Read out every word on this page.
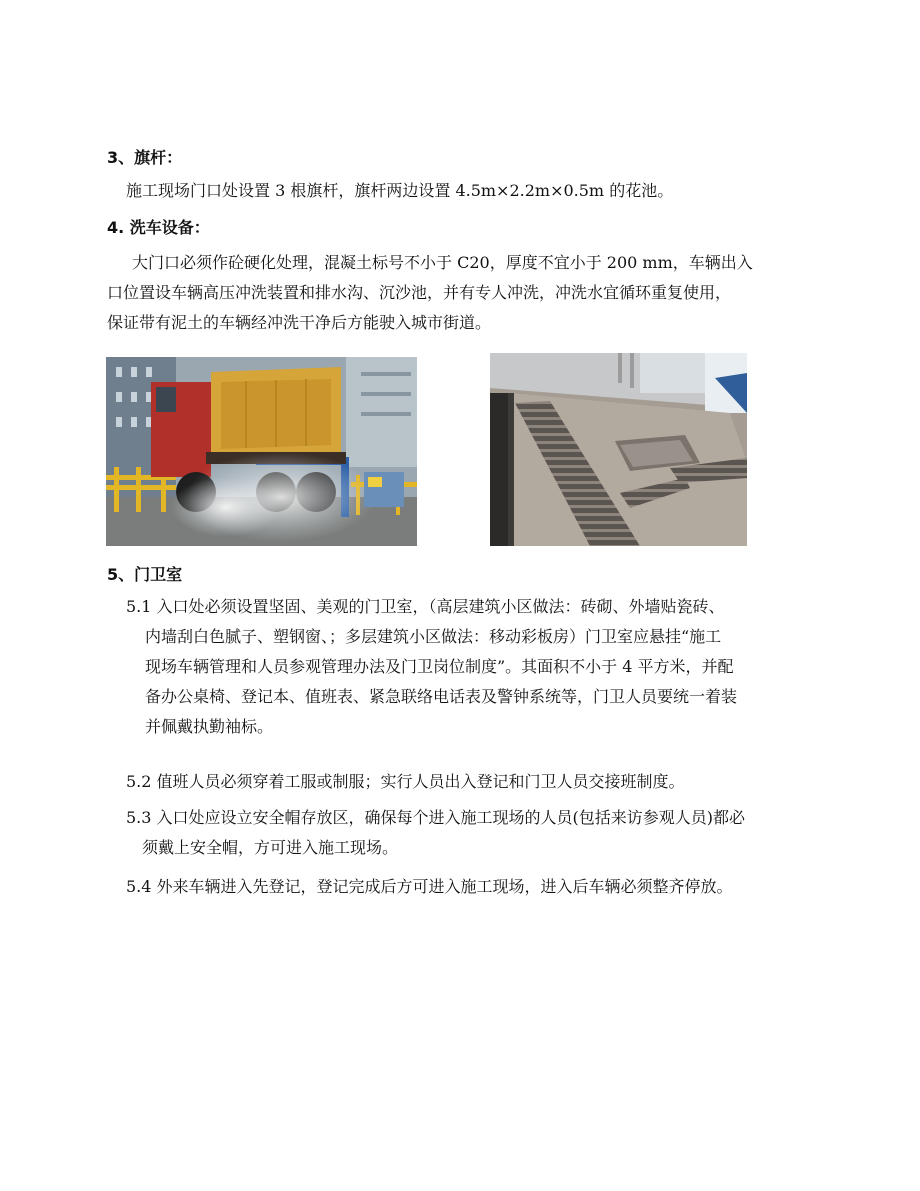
3、旗杆：
施工现场门口处设置 3 根旗杆，旗杆两边设置 4.5m×2.2m×0.5m 的花池。
4. 洗车设备：
大门口必须作砼硬化处理，混凝土标号不小于 C20，厚度不宜小于 200 mm，车辆出入
口位置设车辆高压冲洗装置和排水沟、沉沙池，并有专人冲洗，冲洗水宜循环重复使用，
保证带有泥土的车辆经冲洗干净后方能驶入城市街道。
5、门卫室
5.1 入口处必须设置坚固、美观的门卫室，（高层建筑小区做法：砖砌、外墙贴瓷砖、
内墙刮白色腻子、塑钢窗、；多层建筑小区做法：移动彩板房）门卫室应悬挂“施工
现场车辆管理和人员参观管理办法及门卫岗位制度”。其面积不小于 4 平方米，并配
备办公桌椅、登记本、值班表、紧急联络电话表及警钟系统等，门卫人员要统一着装
并佩戴执勤袖标。
5.2 值班人员必须穿着工服或制服；实行人员出入登记和门卫人员交接班制度。
5.3 入口处应设立安全帽存放区，确保每个进入施工现场的人员(包括来访参观人员)都必
须戴上安全帽，方可进入施工现场。
5.4 外来车辆进入先登记，登记完成后方可进入施工现场，进入后车辆必须整齐停放。
